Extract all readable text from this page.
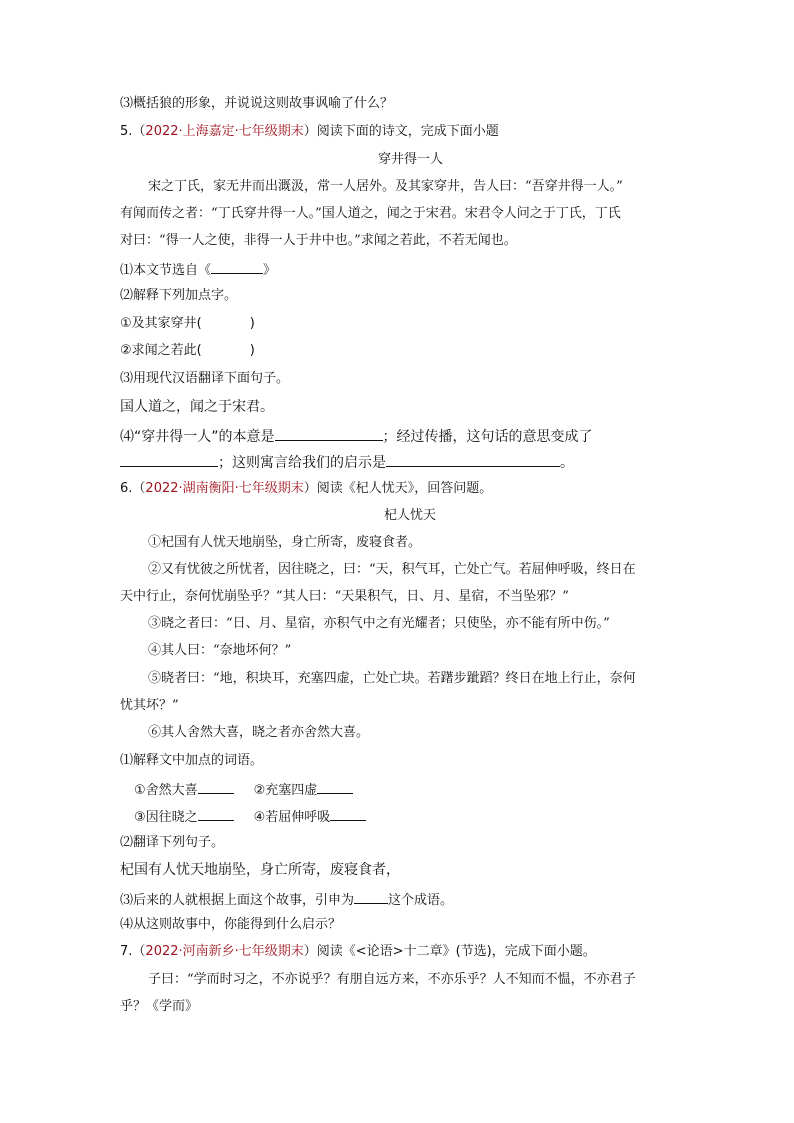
⑶概括狼的形象，并说说这则故事讽喻了什么？
5.（2022·上海嘉定·七年级期末）阅读下面的诗文，完成下面小题
穿井得一人
宋之丁氏，家无井而出溉汲，常一人居外。及其家穿井，告人曰：“吾穿井得一人。”
有闻而传之者：“丁氏穿井得一人。”国人道之，闻之于宋君。宋君令人问之于丁氏，丁氏
对曰：“得一人之使，非得一人于井中也。”求闻之若此，不若无闻也。
⑴本文节选自《	》
⑵解释下列加点字。
①及其家穿井(	)
②求闻之若此(	)
⑶用现代汉语翻译下面句子。
国人道之，闻之于宋君。
⑷“穿井得一人”的本意是	；经过传播，这句话的意思变成了
；这则寓言给我们的启示是	。
6.（2022·湖南衡阳·七年级期末）阅读《杞人忧天》，回答问题。
杞人忧天
①杞国有人忧天地崩坠，身亡所寄，废寝食者。
②又有忧彼之所忧者，因往晓之，曰：“天，积气耳，亡处亡气。若屈伸呼吸，终日在
天中行止，奈何忧崩坠乎？”其人曰：“天果积气，日、月、星宿，不当坠邪？”
③晓之者曰：“日、月、星宿，亦积气中之有光耀者；只使坠，亦不能有所中伤。”
④其人曰：“奈地坏何？”
⑤晓者曰：“地，积块耳，充塞四虚，亡处亡块。若躇步跐蹈？终日在地上行止，奈何
忧其坏？”
⑥其人舍然大喜，晓之者亦舍然大喜。
⑴解释文中加点的词语。
①舍然大喜	②充塞四虚
③因往晓之	④若屈伸呼吸
⑵翻译下列句子。
杞国有人忧天地崩坠，身亡所寄，废寝食者，
⑶后来的人就根据上面这个故事，引申为	这个成语。
⑷从这则故事中，你能得到什么启示？
7.（2022·河南新乡·七年级期末）阅读《<论语>十二章》(节选)，完成下面小题。
子曰：“学而时习之，不亦说乎？有朋自远方来，不亦乐乎？人不知而不愠，不亦君子
乎？《学而》
